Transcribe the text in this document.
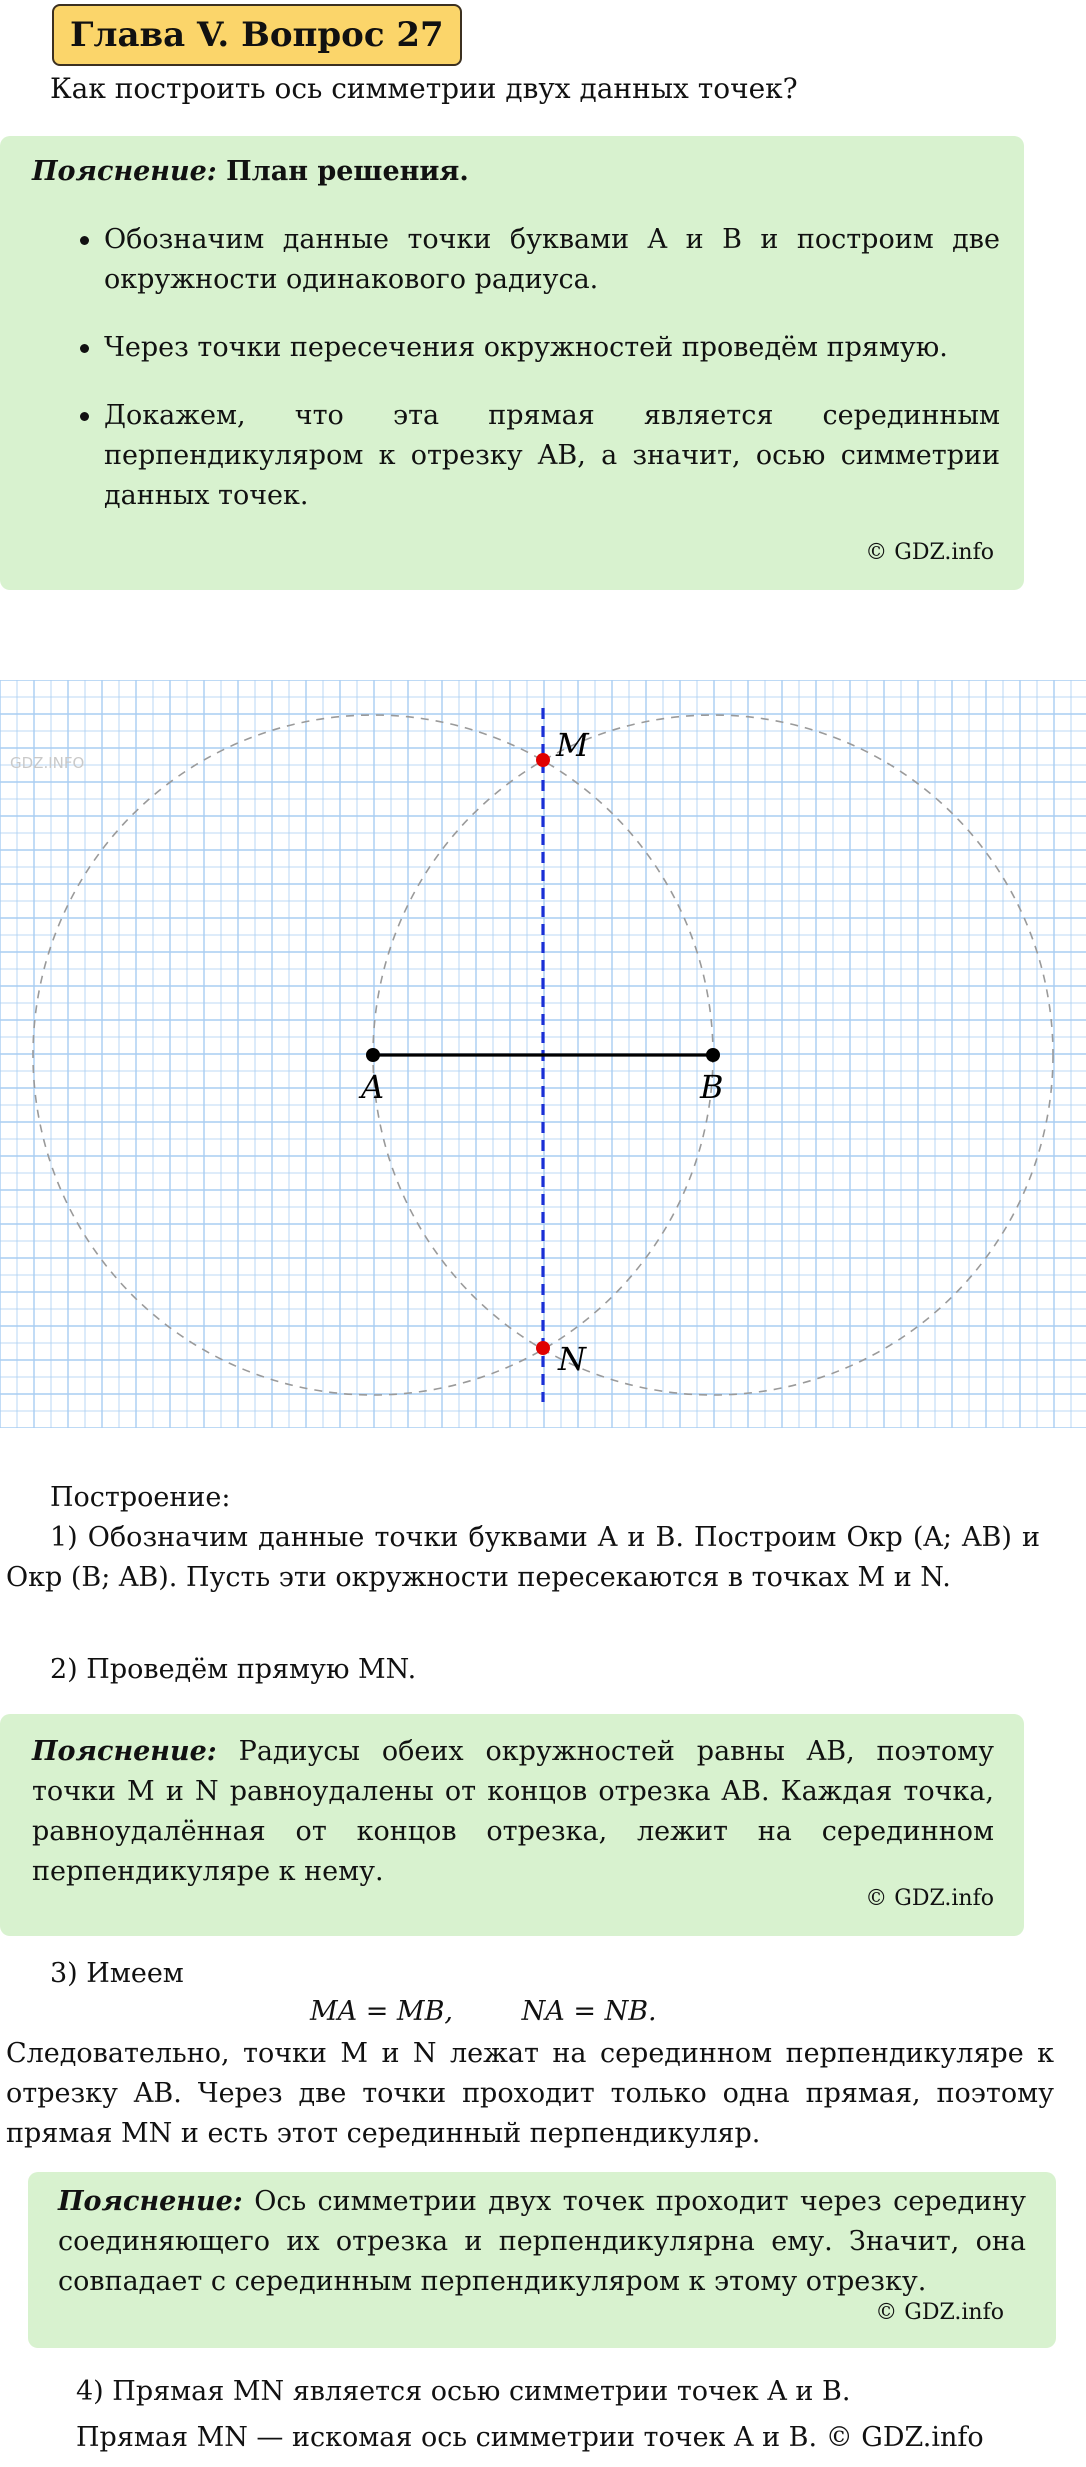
Глава V. Вопрос 27
Как построить ось симметрии двух данных точек?
Пояснение: План решения.
Обозначим данные точки буквами A и B и построим две окружности одинакового радиуса.
Через точки пересечения окружностей проведём прямую.
Докажем, что эта прямая является серединным перпендикуляром к отрезку AB, а значит, осью симметрии данных точек.
© GDZ.info
GDZ.INFO
A	B
M
N
Построение:
1) Обозначим данные точки буквами A и B. Построим Окр (A; AB) и Окр (B; AB). Пусть эти окружности пересекаются в точках M и N.
2) Проведём прямую MN.
Пояснение: Радиусы обеих окружностей равны AB, поэтому точки M и N равноудалены от концов отрезка AB. Каждая точка, равноудалённая от концов отрезка, лежит на серединном перпендикуляре к нему.
© GDZ.info
3) Имеем
MA = MB,        NA = NB.
Следовательно, точки M и N лежат на серединном перпендикуляре к отрезку AB. Через две точки проходит только одна прямая, поэтому прямая MN и есть этот серединный перпендикуляр.
Пояснение: Ось симметрии двух точек проходит через середину соединяющего их отрезка и перпендикулярна ему. Значит, она совпадает с серединным перпендикуляром к этому отрезку.
© GDZ.info
4) Прямая MN является осью симметрии точек A и B.
Прямая MN — искомая ось симметрии точек A и B. © GDZ.info
